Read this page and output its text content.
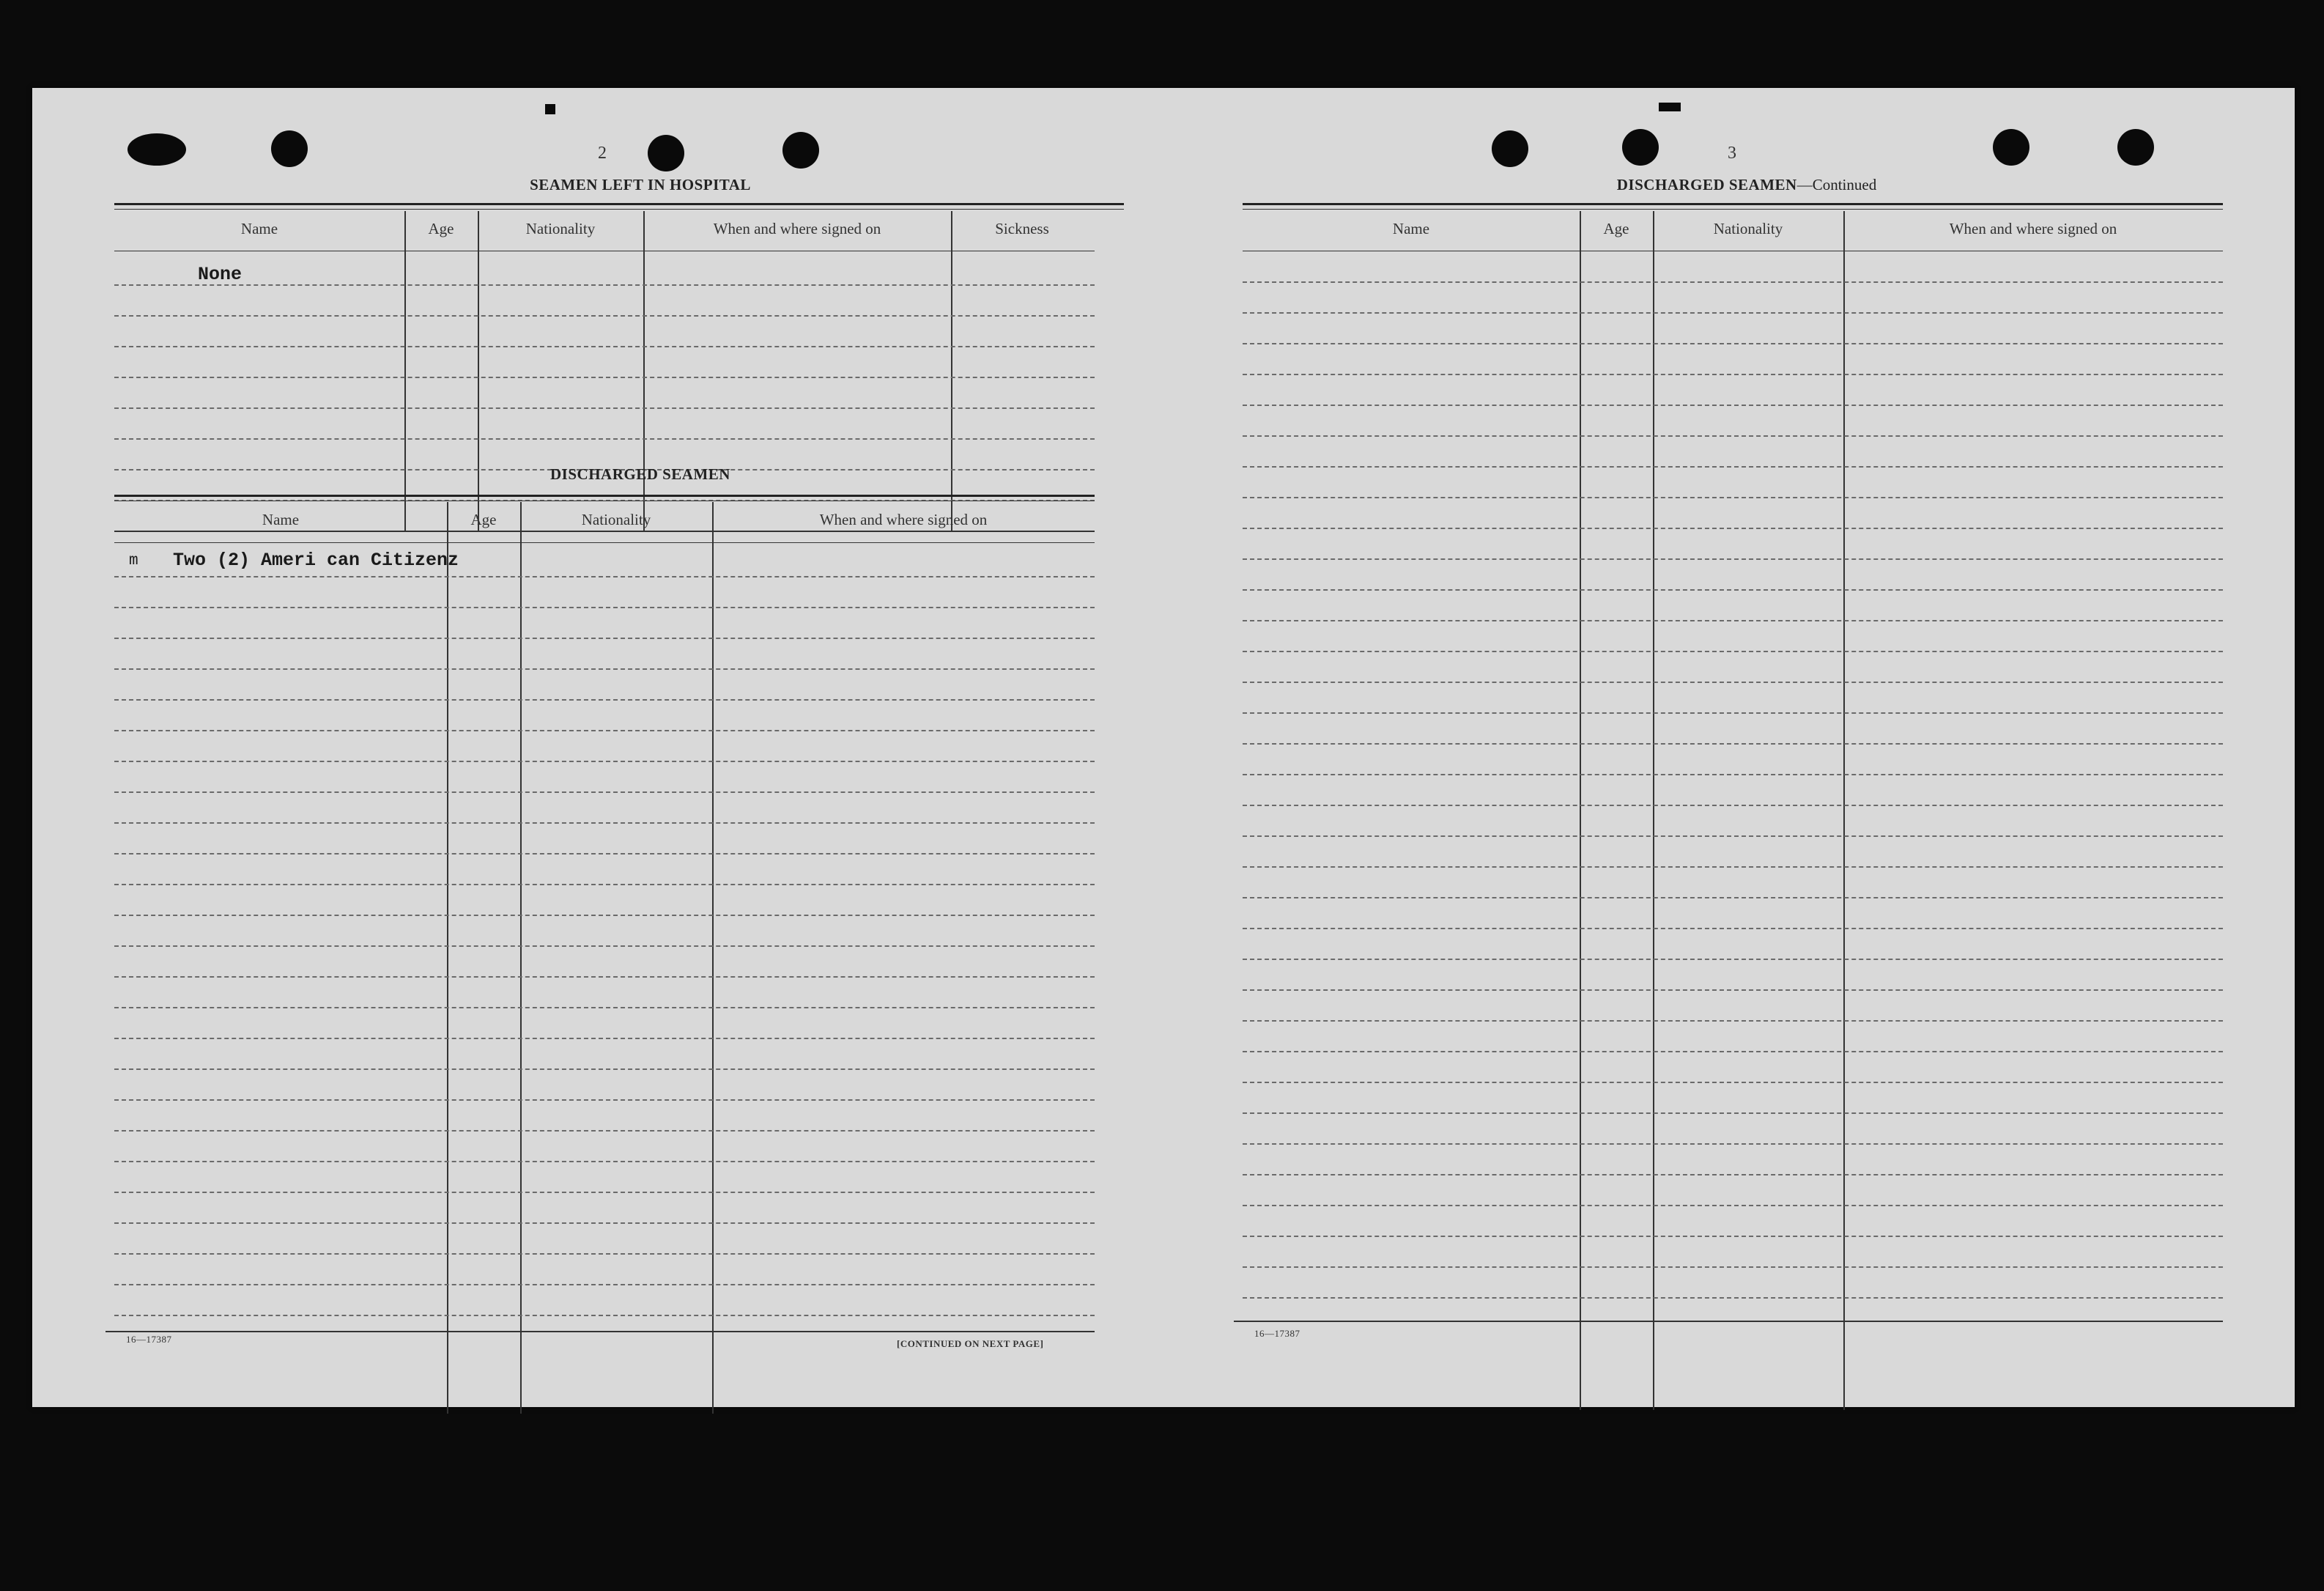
2
SEAMEN LEFT IN HOSPITAL
Name	Age	Nationality	When and where signed on	Sickness
None
DISCHARGED SEAMEN
Name	Age	Nationality	When and where signed on
m Two (2) Ameri can Citizenz
16—17387	[CONTINUED ON NEXT PAGE]
3
DISCHARGED SEAMEN—Continued
Name	Age	Nationality	When and where signed on
16—17387
